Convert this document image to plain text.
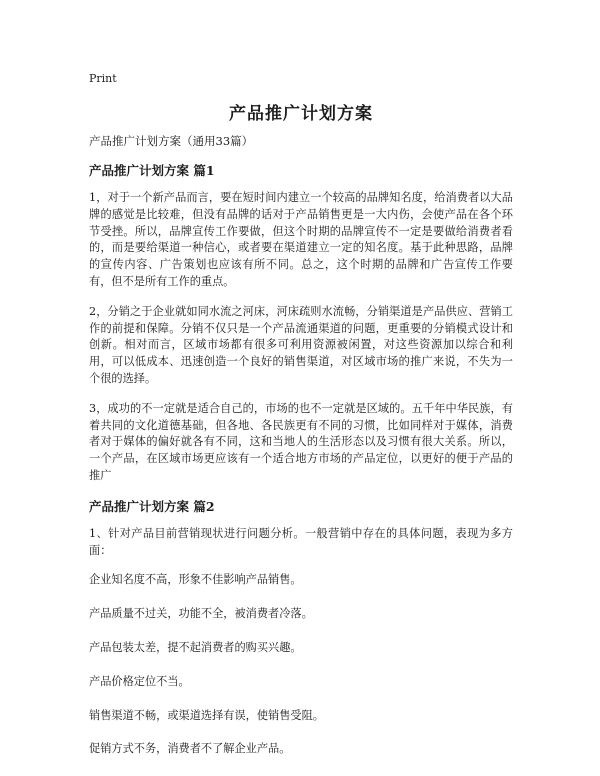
Print
产品推广计划方案
产品推广计划方案（通用33篇）
产品推广计划方案 篇1
1，对于一个新产品而言，要在短时间内建立一个较高的品牌知名度，给消费者以大品牌的感觉是比较难，但没有品牌的话对于产品销售更是一大内伤，会使产品在各个环节受挫。所以，品牌宣传工作要做，但这个时期的品牌宣传不一定是要做给消费者看的，而是要给渠道一种信心，或者要在渠道建立一定的知名度。基于此种思路，品牌的宣传内容、广告策划也应该有所不同。总之，这个时期的品牌和广告宣传工作要有，但不是所有工作的重点。
2，分销之于企业就如同水流之河床，河床疏则水流畅，分销渠道是产品供应、营销工作的前提和保障。分销不仅只是一个产品流通渠道的问题，更重要的分销模式设计和创新。相对而言，区域市场都有很多可利用资源被闲置，对这些资源加以综合和利用，可以低成本、迅速创造一个良好的销售渠道，对区域市场的推广来说，不失为一个很的选择。
3，成功的不一定就是适合自己的，市场的也不一定就是区域的。五千年中华民族，有着共同的文化道德基础，但各地、各民族更有不同的习惯，比如同样对于媒体，消费者对于媒体的偏好就各有不同，这和当地人的生活形态以及习惯有很大关系。所以，一个产品，在区域市场更应该有一个适合地方市场的产品定位，以更好的便于产品的推广
产品推广计划方案 篇2
1、针对产品目前营销现状进行问题分析。一般营销中存在的具体问题，表现为多方面：
企业知名度不高，形象不佳影响产品销售。
产品质量不过关，功能不全，被消费者冷落。
产品包装太差，提不起消费者的购买兴趣。
产品价格定位不当。
销售渠道不畅，或渠道选择有误，使销售受阻。
促销方式不务，消费者不了解企业产品。
